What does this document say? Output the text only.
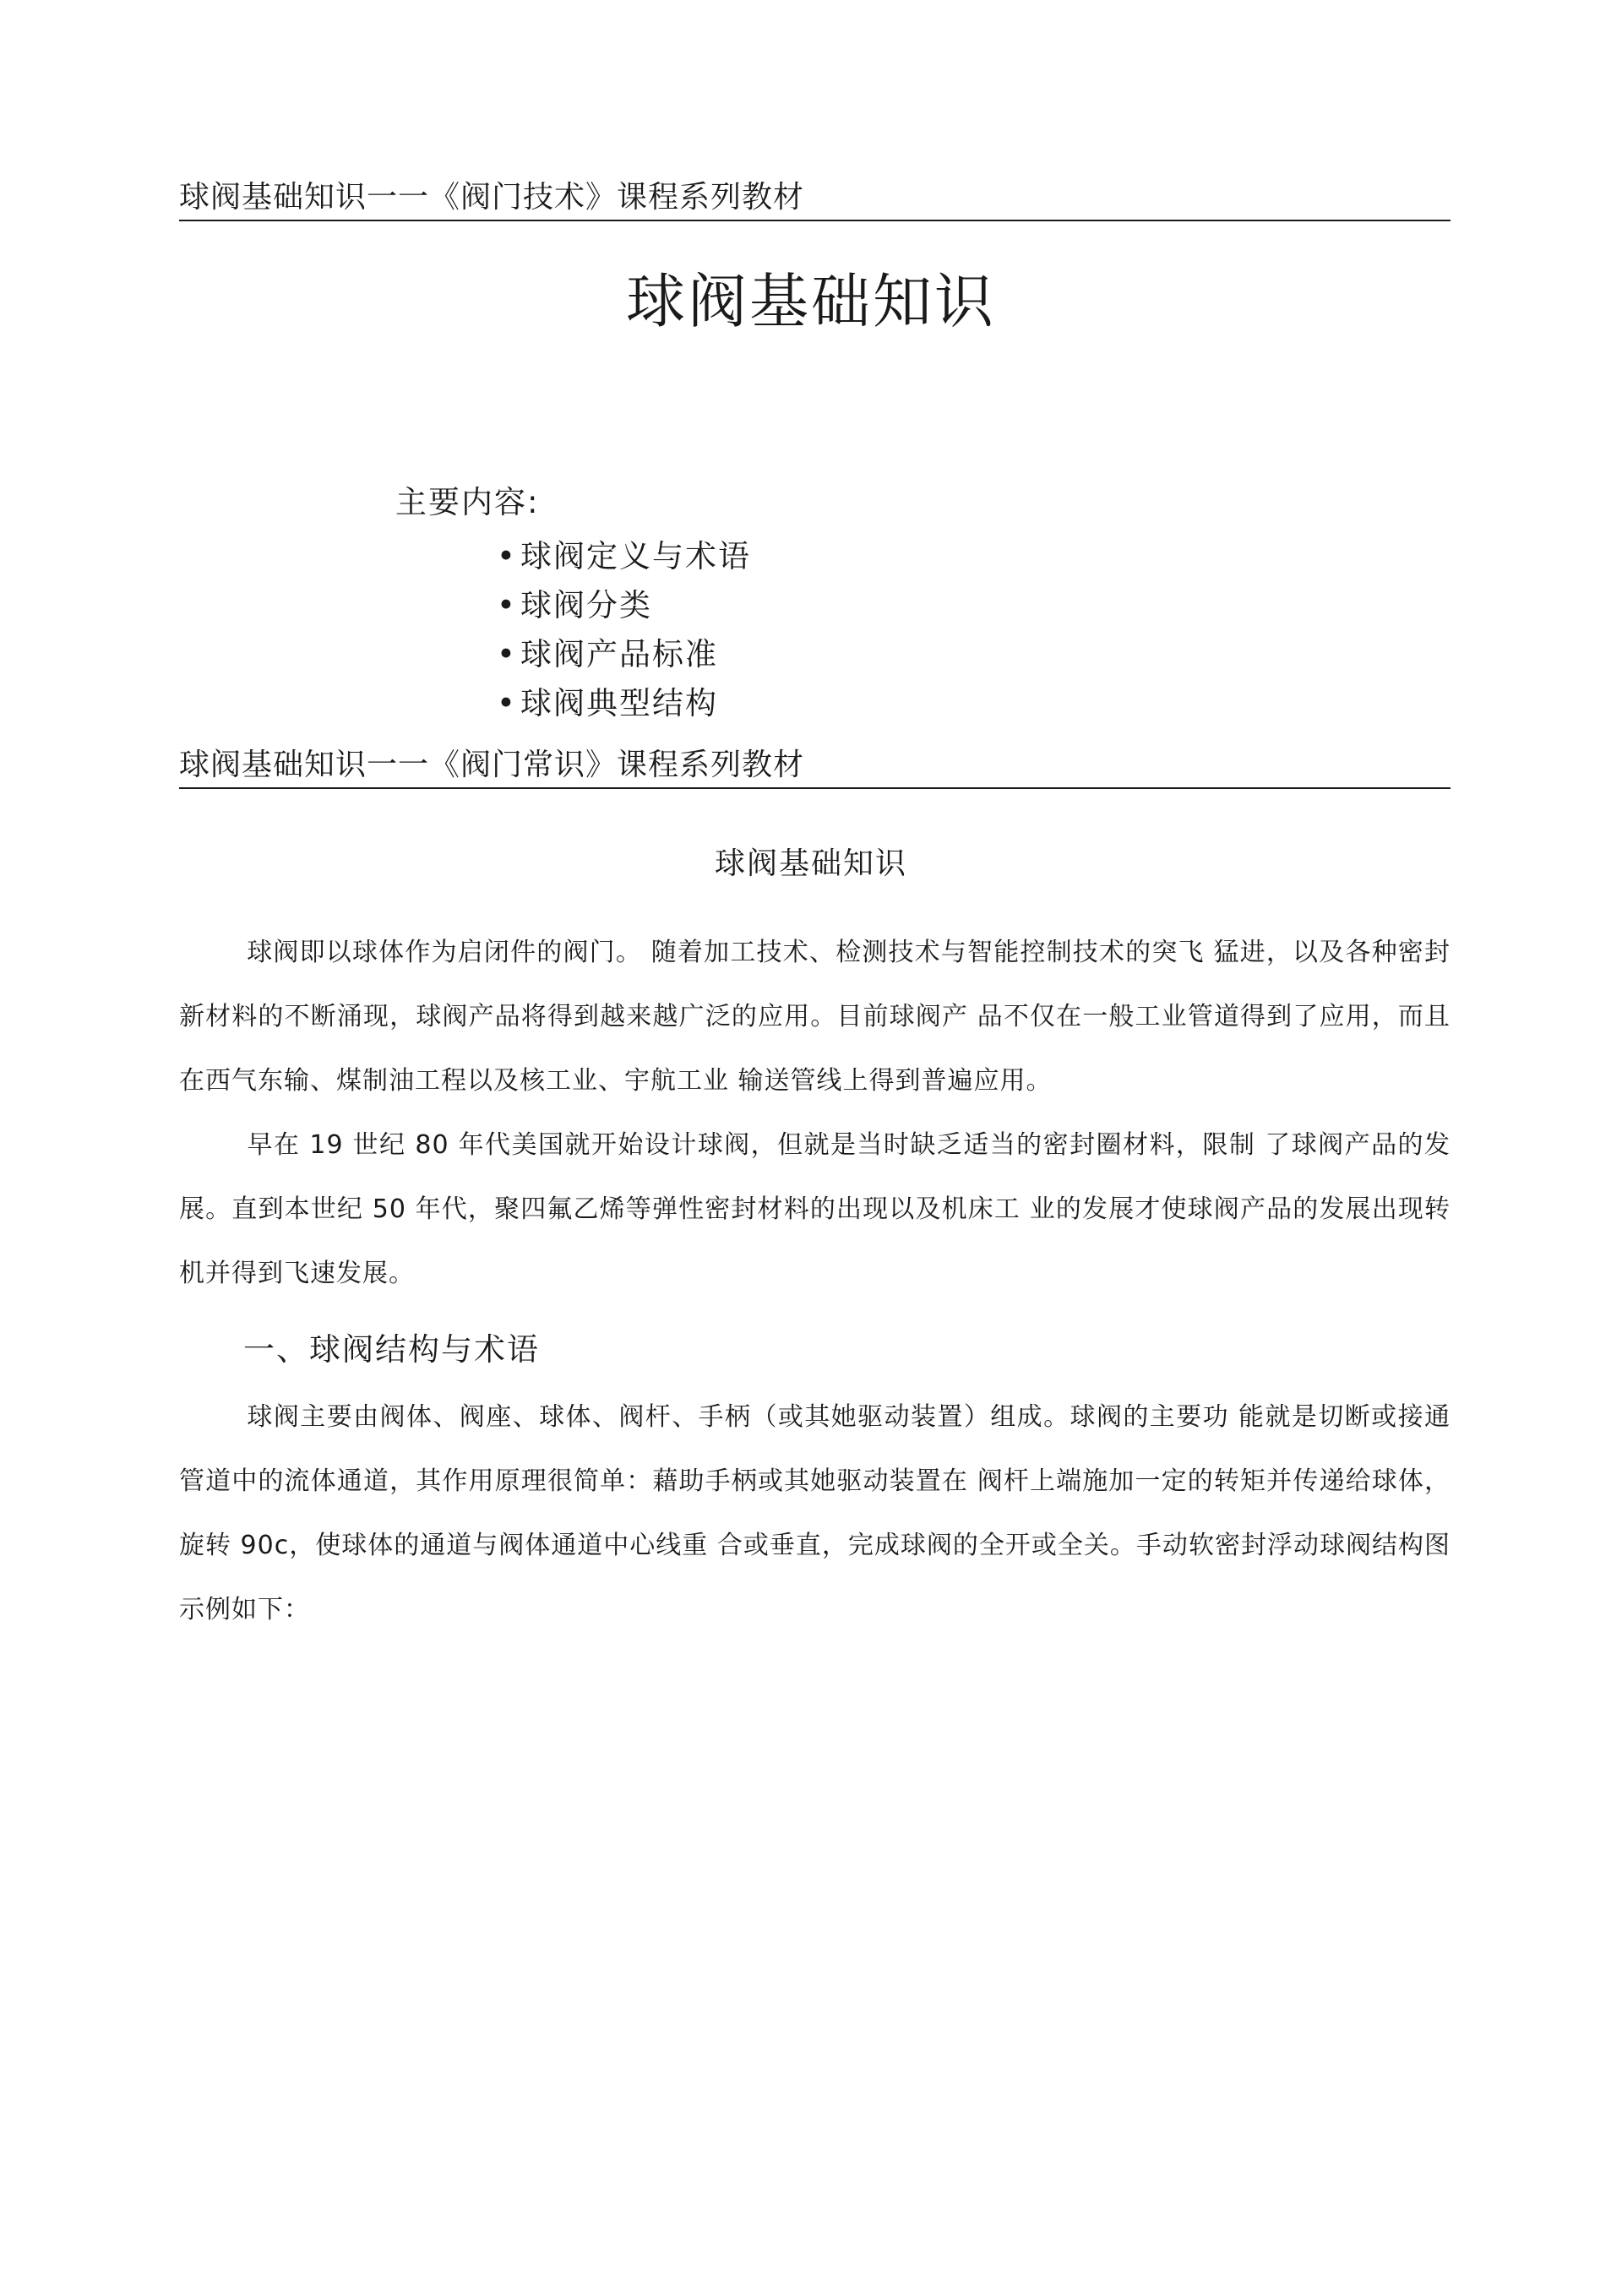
球阀基础知识一一《阀门技术》课程系列教材
球阀基础知识
主要内容:
• 球阀定义与术语
• 球阀分类
• 球阀产品标准
• 球阀典型结构
球阀基础知识一一《阀门常识》课程系列教材
球阀基础知识

球阀即以球体作为启闭件的阀门。 随着加工技术、检测技术与智能控制技术的突飞 猛进，以及各种密封新材料的不断涌现，球阀产品将得到越来越广泛的应用。目前球阀产 品不仅在一般工业管道得到了应用，而且在西气东输、煤制油工程以及核工业、宇航工业 输送管线上得到普遍应用。

早在 19 世纪 80 年代美国就开始设计球阀，但就是当时缺乏适当的密封圈材料，限制 了球阀产品的发展。直到本世纪 50 年代，聚四氟乙烯等弹性密封材料的出现以及机床工 业的发展才使球阀产品的发展出现转机并得到飞速发展。

一、球阀结构与术语

球阀主要由阀体、阀座、球体、阀杆、手柄（或其她驱动装置）组成。球阀的主要功 能就是切断或接通管道中的流体通道，其作用原理很简单：藉助手柄或其她驱动装置在 阀杆上端施加一定的转矩并传递给球体，旋转 90c，使球体的通道与阀体通道中心线重 合或垂直，完成球阀的全开或全关。手动软密封浮动球阀结构图示例如下：
